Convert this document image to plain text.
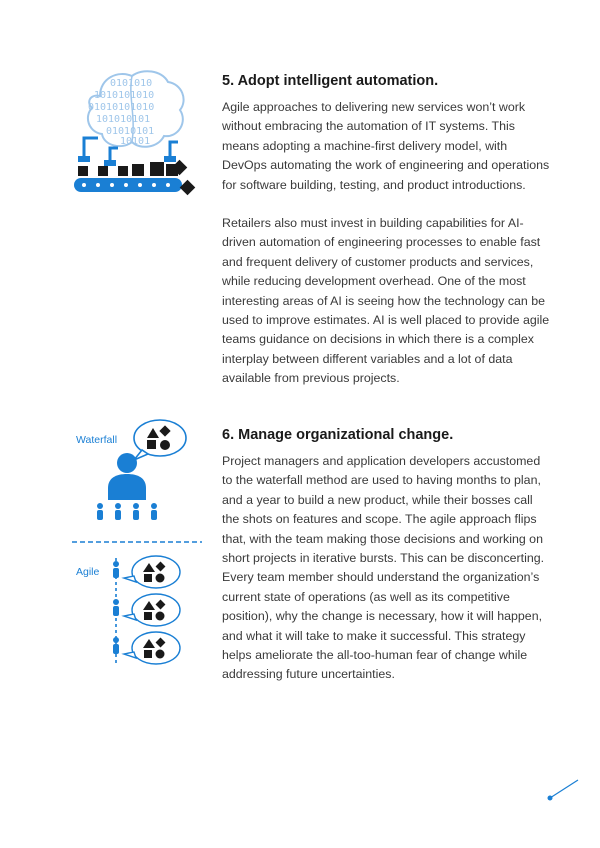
0101010
1010101010
01010101010
101010101
01010101
10101
5. Adopt intelligent automation.

Agile approaches to delivering new services won’t work without embracing the automation of IT systems. This means adopting a machine-first delivery model, with DevOps automating the work of engineering and operations for software building, testing, and product introductions.

Retailers also must invest in building capabilities for AI-driven automation of engineering processes to enable fast and frequent delivery of customer products and services, while reducing development overhead. One of the most interesting areas of AI is seeing how the technology can be used to improve estimates. AI is well placed to provide agile teams guidance on decisions in which there is a complex interplay between different variables and a lot of data available from previous projects.

Waterfall
Agile
6. Manage organizational change.

Project managers and application developers accustomed to the waterfall method are used to having months to plan, and a year to build a new product, while their bosses call the shots on features and scope. The agile approach flips that, with the team making those decisions and working on short projects in iterative bursts. This can be disconcerting. Every team member should understand the organization’s current state of operations (as well as its competitive position), why the change is necessary, how it will happen, and what it will take to make it successful. This strategy helps ameliorate the all-too-human fear of change while addressing future uncertainties.
